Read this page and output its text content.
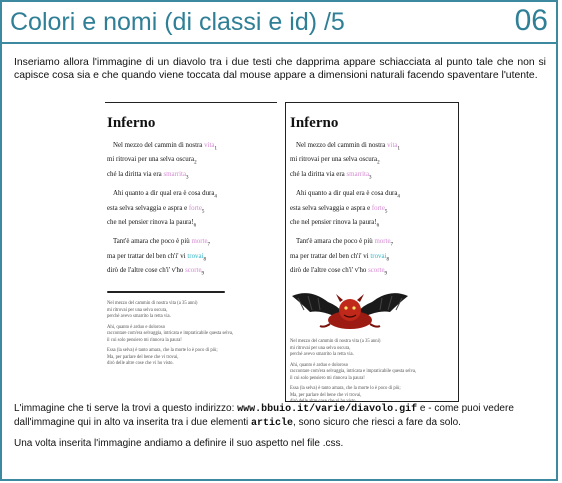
Colori e nomi (di classi e id) /5	06
Inseriamo allora l'immagine di un diavolo tra i due testi che dapprima appare schiacciata al punto tale che non si capisce cosa sia e che quando viene toccata dal mouse appare a dimensioni naturali facendo spaventare l'utente.
Inferno
Nel mezzo del cammin di nostra vita$_1$
mi ritrovai per una selva oscura$_2$
ché la diritta via era smarrita$_3$
Ahi quanto a dir qual era è cosa dura$_4$
esta selva selvaggia e aspra e forte$_5$
che nel pensier rinova la $paura!_6$
Tant'è amara che poco è più morte$_7$
ma per trattar del ben ch'i' vi trovai$_8$
dirò de l'altre cose ch'i' v'ho scorte$_9$

Nel mezzo del cammin di nostra vita (a 35 anni)
mi ritrovai per una selva oscura,
perché avevo smarrito la retta via.

Ahi, quanto è arduo e doloroso
raccontare com'era selvaggia, intricata e impraticabile questa selva,
il cui solo pensiero mi rinnova la paura!

Essa (la selva) è tanto amara, che la morte lo è poco di più;
Ma, per parlare del bene che vi trovai,
dirò delle altre cose che vi ho visto.

Inferno
Nel mezzo del cammin di nostra vita$_1$
mi ritrovai per una selva oscura$_2$
ché la diritta via era smarrita$_3$
Ahi quanto a dir qual era è cosa dura$_4$
esta selva selvaggia e aspra e forte$_5$
che nel pensier rinova la $paura!_6$
Tant'è amara che poco è più morte$_7$
ma per trattar del ben ch'i' vi trovai$_8$
dirò de l'altre cose ch'i' v'ho scorte$_9$

Nel mezzo del cammin di nostra vita (a 35 anni)
mi ritrovai per una selva oscura,
perché avevo smarrito la retta via.

Ahi, quanto è arduo e doloroso
raccontare com'era selvaggia, intricata e impraticabile questa selva,
il cui solo pensiero mi rinnova la paura!

Essa (la selva) è tanto amara, che la morte lo è poco di più;
Ma, per parlare del bene che vi trovai,
dirò delle altre cose che vi ho visto.

L'immagine che ti serve la trovi a questo indirizzo: www.bbuio.it/varie/diavolo.gif e - come puoi vedere dall'immagine qui in alto va inserita tra i due elementi article, sono sicuro che riesci a fare da solo.
Una volta inserita l'immagine andiamo a definire il suo aspetto nel file .css.
